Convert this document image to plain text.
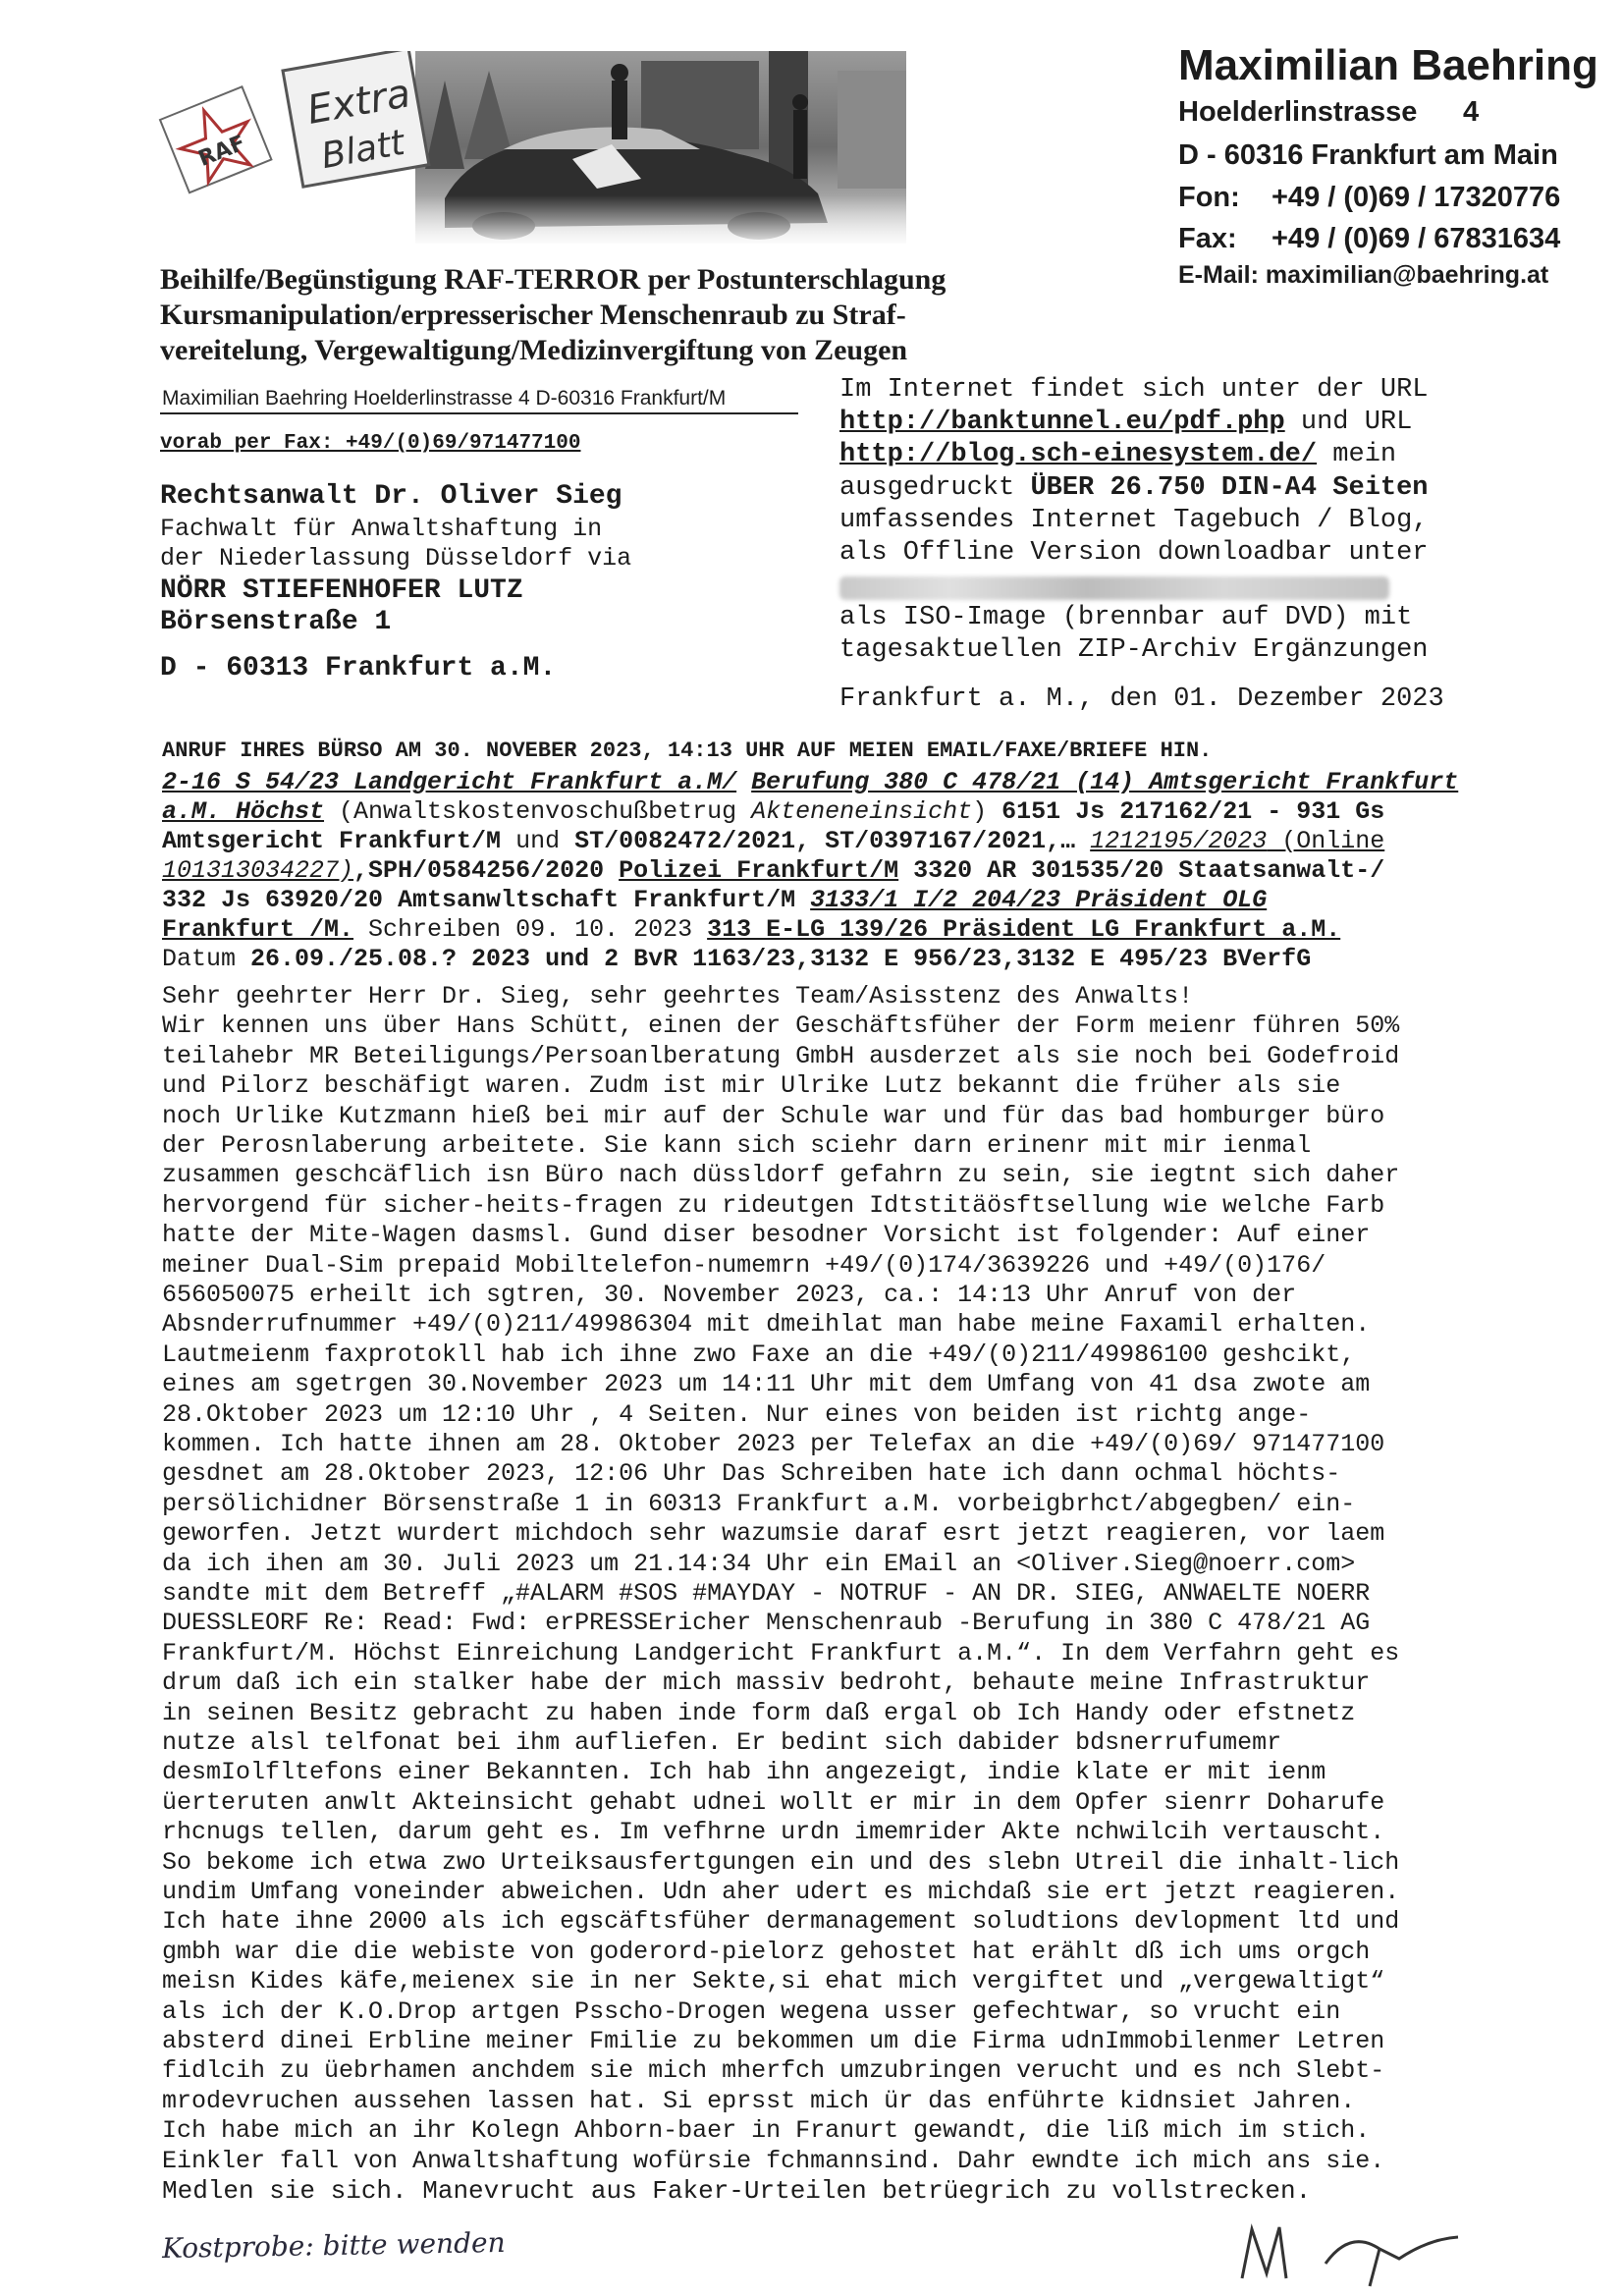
Maximilian Baehring
Hoelderlinstrasse 4
D - 60316 Frankfurt am Main
Fon: +49 / (0)69 / 17320776
Fax: +49 / (0)69 / 67831634
E-Mail: maximilian@baehring.at
Beihilfe/Begünstigung RAF-TERROR per Postunterschlagung
Kursmanipulation/erpresserischer Menschenraub zu Straf-
vereitelung, Vergewaltigung/Medizinvergiftung von Zeugen
Maximilian Baehring Hoelderlinstrasse 4 D-60316 Frankfurt/M
vorab per Fax: +49/(0)69/971477100
Rechtsanwalt Dr. Oliver Sieg
Fachwalt für Anwaltshaftung in
der Niederlassung Düsseldorf via
NÖRR STIEFENHOFER LUTZ
Börsenstraße 1
D - 60313 Frankfurt a.M.
Im Internet findet sich unter der URL
http://banktunnel.eu/pdf.php und URL
http://blog.sch-einesystem.de/ mein
ausgedruckt ÜBER 26.750 DIN-A4 Seiten
umfassendes Internet Tagebuch / Blog,
als Offline Version downloadbar unter
als ISO-Image (brennbar auf DVD) mit
tagesaktuellen ZIP-Archiv Ergänzungen
Frankfurt a. M., den 01. Dezember 2023
ANRUF IHRES BÜRSO AM 30. NOVEBER 2023, 14:13 UHR AUF MEIEN EMAIL/FAXE/BRIEFE HIN.
2-16 S 54/23 Landgericht Frankfurt a.M/ Berufung 380 C 478/21 (14) Amtsgericht Frankfurt
a.M. Höchst (Anwaltskostenvoschußbetrug Akteneneinsicht) 6151 Js 217162/21 - 931 Gs
Amtsgericht Frankfurt/M und ST/0082472/2021, ST/0397167/2021,… 1212195/2023 (Online
101313034227),SPH/0584256/2020 Polizei Frankfurt/M 3320 AR 301535/20 Staatsanwalt-/
332 Js 63920/20 Amtsanwltschaft Frankfurt/M 3133/1 I/2 204/23 Präsident OLG
Frankfurt /M. Schreiben 09. 10. 2023 313 E-LG 139/26 Präsident LG Frankfurt a.M.
Datum 26.09./25.08.? 2023 und 2 BvR 1163/23,3132 E 956/23,3132 E 495/23 BVerfG
Sehr geehrter Herr Dr. Sieg, sehr geehrtes Team/Asisstenz des Anwalts!
Wir kennen uns über Hans Schütt, einen der Geschäftsfüher der Form meienr führen 50%
teilahebr MR Beteiligungs/Persoanlberatung GmbH ausderzet als sie noch bei Godefroid
und Pilorz beschäfigt waren. Zudm ist mir Ulrike Lutz bekannt die früher als sie
noch Urlike Kutzmann hieß bei mir auf der Schule war und für das bad homburger büro
der Perosnlaberung arbeitete. Sie kann sich sciehr darn erinenr mit mir ienmal
zusammen geschcäflich isn Büro nach düssldorf gefahrn zu sein, sie iegtnt sich daher
hervorgend für sicher-heits-fragen zu rideutgen Idtstitäösftsellung wie welche Farb
hatte der Mite-Wagen dasmsl. Gund diser besodner Vorsicht ist folgender: Auf einer
meiner Dual-Sim prepaid Mobiltelefon-numemrn +49/(0)174/3639226 und +49/(0)176/
656050075 erheilt ich sgtren, 30. November 2023, ca.: 14:13 Uhr Anruf von der
Absnderrufnummer +49/(0)211/49986304 mit dmeihlat man habe meine Faxamil erhalten.
Lautmeienm faxprotokll hab ich ihne zwo Faxe an die +49/(0)211/49986100 geshcikt,
eines am sgetrgen 30.November 2023 um 14:11 Uhr mit dem Umfang von 41 dsa zwote am
28.Oktober 2023 um 12:10 Uhr , 4 Seiten. Nur eines von beiden ist richtg ange-
kommen. Ich hatte ihnen am 28. Oktober 2023 per Telefax an die +49/(0)69/ 971477100
gesdnet am 28.Oktober 2023, 12:06 Uhr Das Schreiben hate ich dann ochmal höchts-
persölichidner Börsenstraße 1 in 60313 Frankfurt a.M. vorbeigbrhct/abgegben/ ein-
geworfen. Jetzt wurdert michdoch sehr wazumsie daraf esrt jetzt reagieren, vor laem
da ich ihen am 30. Juli 2023 um 21.14:34 Uhr ein EMail an <Oliver.Sieg@noerr.com>
sandte mit dem Betreff „#ALARM #SOS #MAYDAY - NOTRUF - AN DR. SIEG, ANWAELTE NOERR
DUESSLEORF Re: Read: Fwd: erPRESSEricher Menschenraub -Berufung in 380 C 478/21 AG
Frankfurt/M. Höchst Einreichung Landgericht Frankfurt a.M.“. In dem Verfahrn geht es
drum daß ich ein stalker habe der mich massiv bedroht, behaute meine Infrastruktur
in seinen Besitz gebracht zu haben inde form daß ergal ob Ich Handy oder efstnetz
nutze alsl telfonat bei ihm aufliefen. Er bedint sich dabider bdsnerrufumemr
desmIolfltefons einer Bekannten. Ich hab ihn angezeigt, indie klate er mit ienm
üerteruten anwlt Akteinsicht gehabt udnei wollt er mir in dem Opfer sienrr Doharufe
rhcnugs tellen, darum geht es. Im vefhrne urdn imemrider Akte nchwilcih vertauscht.
So bekome ich etwa zwo Urteiksausfertgungen ein und des slebn Utreil die inhalt-lich
undim Umfang voneinder abweichen. Udn aher udert es michdaß sie ert jetzt reagieren.
Ich hate ihne 2000 als ich egscäftsfüher dermanagement soludtions devlopment ltd und
gmbh war die die webiste von goderord-pielorz gehostet hat erählt dß ich ums orgch
meisn Kides käfe,meienex sie in ner Sekte,si ehat mich vergiftet und „vergewaltigt“
als ich der K.O.Drop artgen Psscho-Drogen wegena usser gefechtwar, so vrucht ein
absterd dinei Erbline meiner Fmilie zu bekommen um die Firma udnImmobilenmer Letren
fidlcih zu üebrhamen anchdem sie mich mherfch umzubringen verucht und es nch Slebt-
mrodevruchen aussehen lassen hat. Si eprsst mich ür das enführte kidnsiet Jahren.
Ich habe mich an ihr Kolegn Ahborn-baer in Franurt gewandt, die liß mich im stich.
Einkler fall von Anwaltshaftung wofürsie fchmannsind. Dahr ewndte ich mich ans sie.
Medlen sie sich. Manevrucht aus Faker-Urteilen betrüegrich zu vollstrecken.
Kostprobe: bitte wenden
